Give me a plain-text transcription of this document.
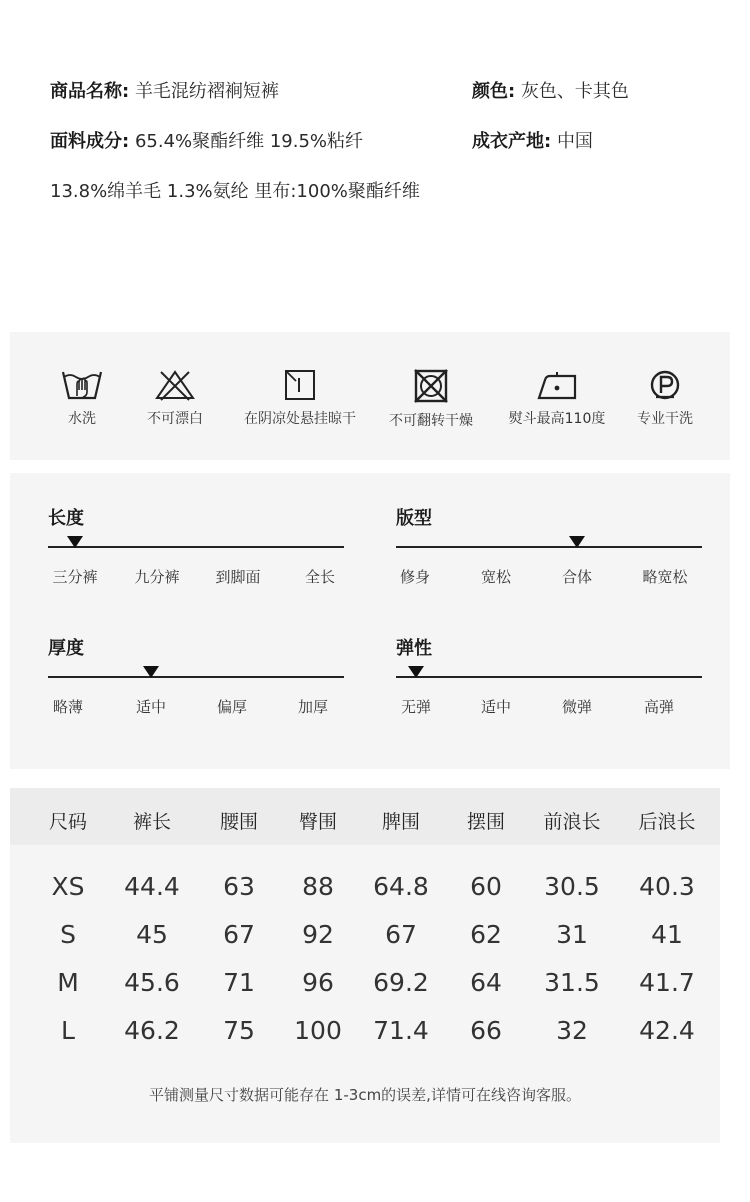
商品名称: 羊毛混纺褶裥短裤	颜色: 灰色、卡其色
面料成分: 65.4%聚酯纤维 19.5%粘纤	成衣产地: 中国
13.8%绵羊毛 1.3%氨纶 里布:100%聚酯纤维
水洗	不可漂白	在阴凉处悬挂晾干	不可翻转干燥	熨斗最高110度	专业干洗
长度
三分裤	九分裤	到脚面	全长
版型
修身	宽松	合体	略宽松
厚度
略薄	适中	偏厚	加厚
弹性
无弹	适中	微弹	高弹
尺码	裤长	腰围	臀围	脾围	摆围	前浪长	后浪长
XS	44.4	63	88	64.8	60	30.5	40.3
S	45	67	92	67	62	31	41
M	45.6	71	96	69.2	64	31.5	41.7
L	46.2	75	100	71.4	66	32	42.4
平铺测量尺寸数据可能存在 1-3cm的误差,详情可在线咨询客服。
